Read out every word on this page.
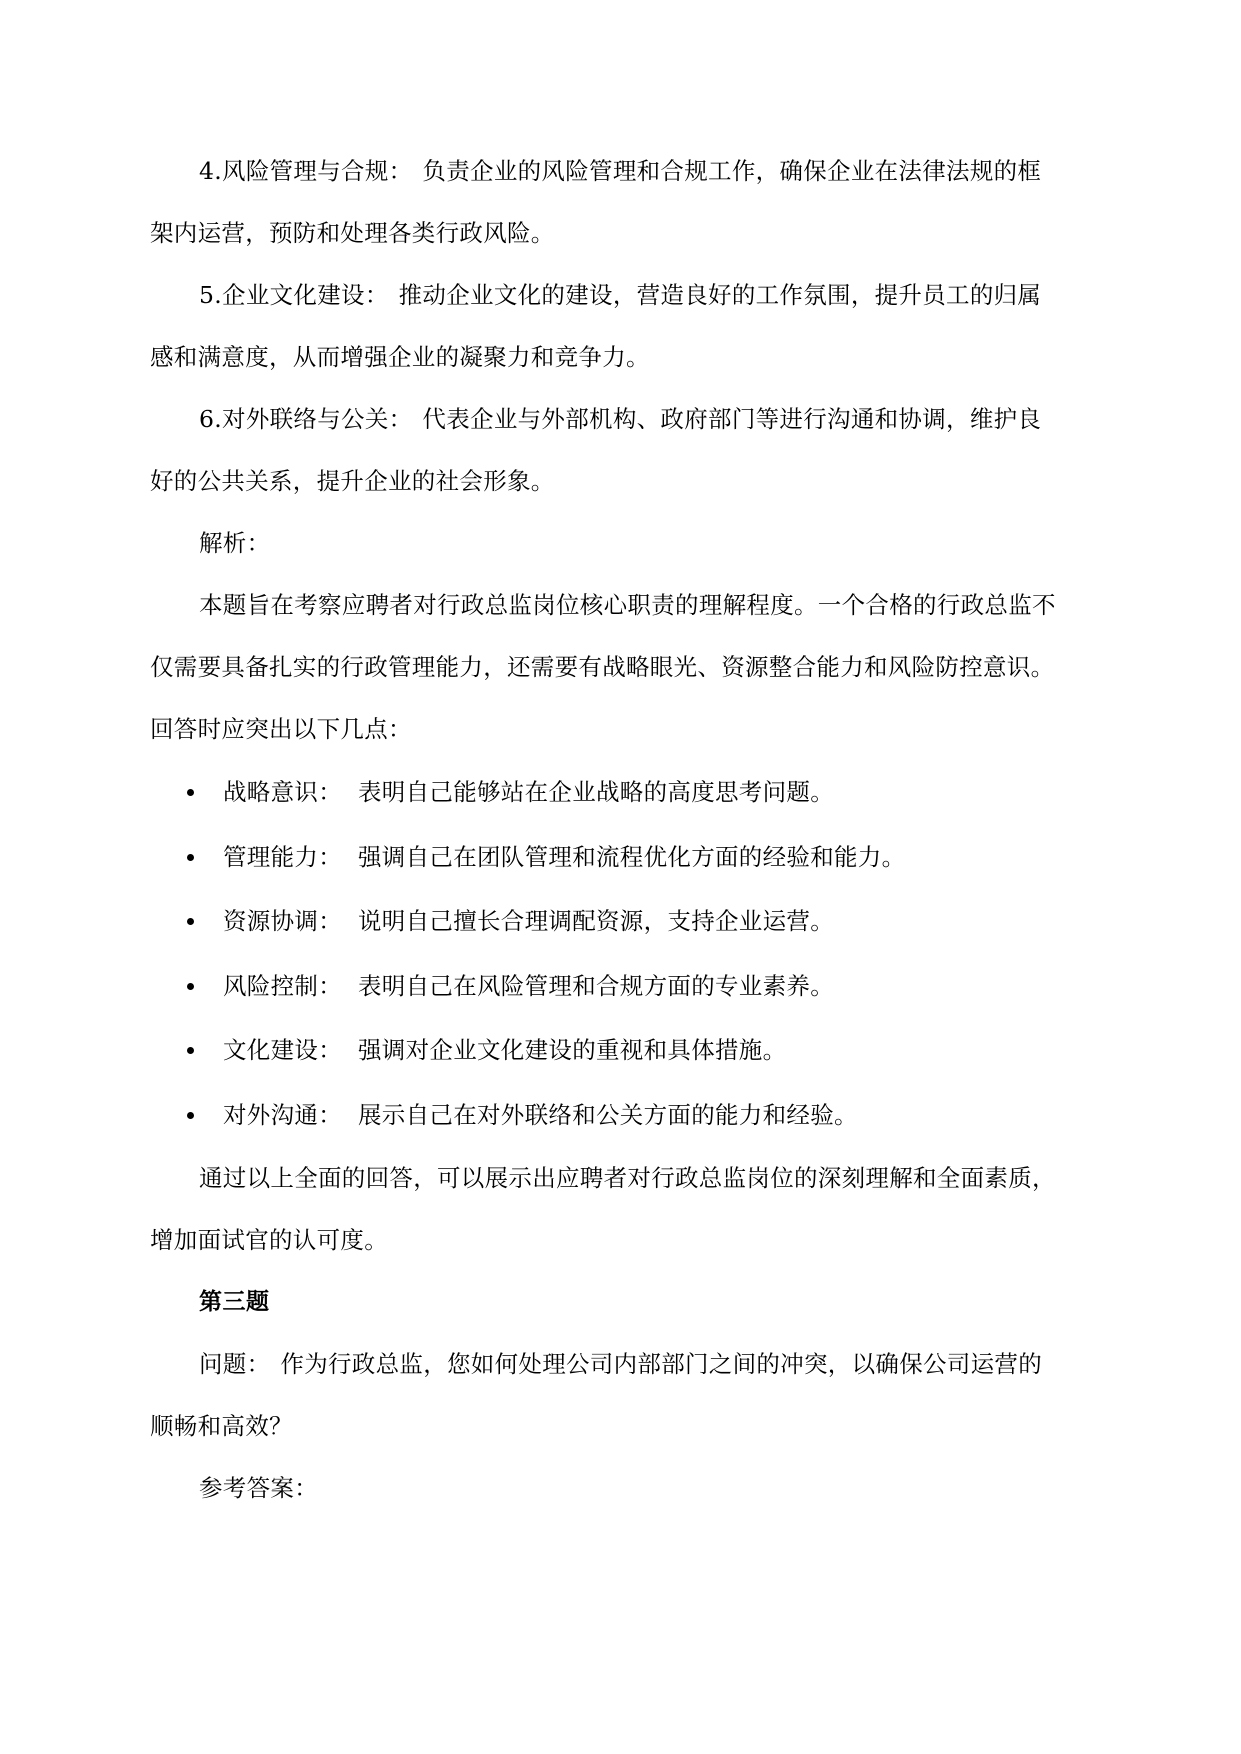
4.风险管理与合规： 负责企业的风险管理和合规工作，确保企业在法律法规的框
架内运营，预防和处理各类行政风险。
5.企业文化建设： 推动企业文化的建设，营造良好的工作氛围，提升员工的归属
感和满意度，从而增强企业的凝聚力和竞争力。
6.对外联络与公关： 代表企业与外部机构、政府部门等进行沟通和协调，维护良
好的公共关系，提升企业的社会形象。
解析：
本题旨在考察应聘者对行政总监岗位核心职责的理解程度。一个合格的行政总监不
仅需要具备扎实的行政管理能力，还需要有战略眼光、资源整合能力和风险防控意识。
回答时应突出以下几点：
战略意识： 表明自己能够站在企业战略的高度思考问题。
管理能力： 强调自己在团队管理和流程优化方面的经验和能力。
资源协调： 说明自己擅长合理调配资源，支持企业运营。
风险控制： 表明自己在风险管理和合规方面的专业素养。
文化建设： 强调对企业文化建设的重视和具体措施。
对外沟通： 展示自己在对外联络和公关方面的能力和经验。
通过以上全面的回答，可以展示出应聘者对行政总监岗位的深刻理解和全面素质，
增加面试官的认可度。
第三题
问题： 作为行政总监，您如何处理公司内部部门之间的冲突，以确保公司运营的
顺畅和高效？
参考答案：
